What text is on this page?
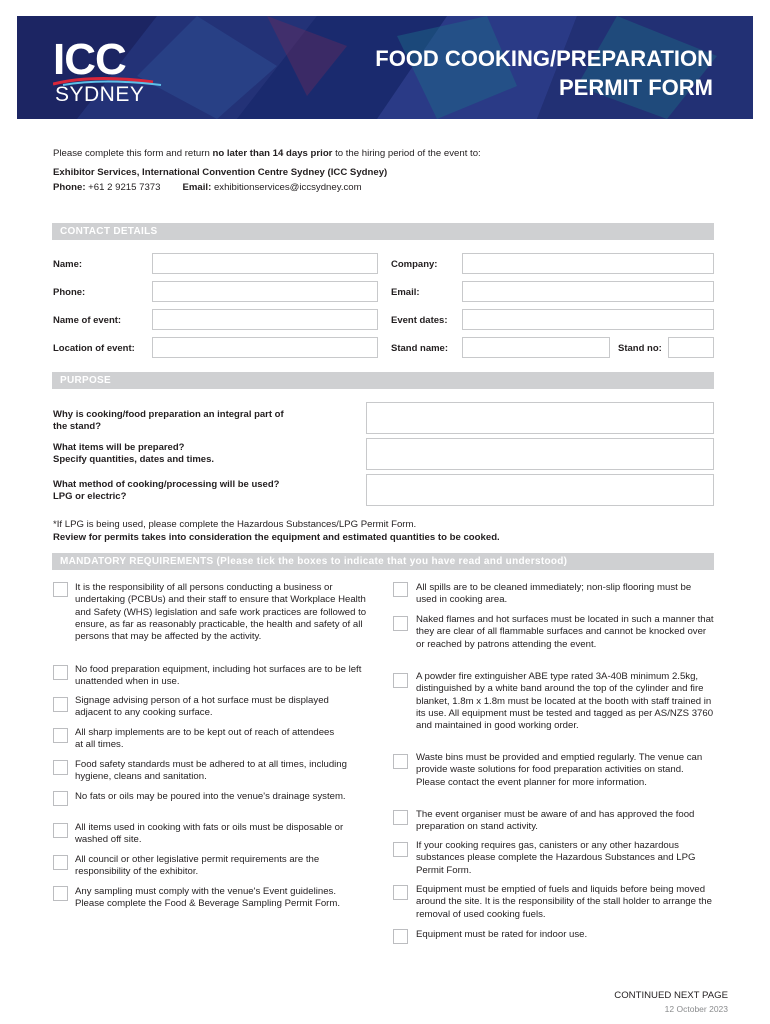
ICC
SYDNEY
FOOD COOKING/PREPARATION
PERMIT FORM
Please complete this form and return no later than 14 days prior to the hiring period of the event to:
Exhibitor Services, International Convention Centre Sydney (ICC Sydney)
Phone: +61 2 9215 7373 Email: exhibitionservices@iccsydney.com
CONTACT DETAILS
Name:	Company:
Phone:	Email:
Name of event:	Event dates:
Location of event:	Stand name:	Stand no:
PURPOSE
Why is cooking/food preparation an integral part of
the stand?
What items will be prepared?
Specify quantities, dates and times.
What method of cooking/processing will be used?
LPG or electric?
*If LPG is being used, please complete the Hazardous Substances/LPG Permit Form.
Review for permits takes into consideration the equipment and estimated quantities to be cooked.
MANDATORY REQUIREMENTS (Please tick the boxes to indicate that you have read and understood)
It is the responsibility of all persons conducting a business or undertaking (PCBUs) and their staff to ensure that Workplace Health and Safety (WHS) legislation and safe work practices are followed to ensure, as far as reasonably practicable, the health and safety of all persons that may be affected by the activity.
No food preparation equipment, including hot surfaces are to be left unattended when in use.
Signage advising person of a hot surface must be displayed adjacent to any cooking surface.
All sharp implements are to be kept out of reach of attendees at all times.
Food safety standards must be adhered to at all times, including hygiene, cleans and sanitation.
No fats or oils may be poured into the venue's drainage system.
All items used in cooking with fats or oils must be disposable or washed off site.
All council or other legislative permit requirements are the responsibility of the exhibitor.
Any sampling must comply with the venue's Event guidelines. Please complete the Food & Beverage Sampling Permit Form.
All spills are to be cleaned immediately; non-slip flooring must be used in cooking area.
Naked flames and hot surfaces must be located in such a manner that they are clear of all flammable surfaces and cannot be knocked over or reached by patrons attending the event.
A powder fire extinguisher ABE type rated 3A-40B minimum 2.5kg, distinguished by a white band around the top of the cylinder and fire blanket, 1.8m x 1.8m must be located at the booth with staff trained in its use. All equipment must be tested and tagged as per AS/NZS 3760 and maintained in good working order.
Waste bins must be provided and emptied regularly. The venue can provide waste solutions for food preparation activities on stand. Please contact the event planner for more information.
The event organiser must be aware of and has approved the food preparation on stand activity.
If your cooking requires gas, canisters or any other hazardous substances please complete the Hazardous Substances and LPG Permit Form.
Equipment must be emptied of fuels and liquids before being moved around the site. It is the responsibility of the stall holder to arrange the removal of used cooking fuels.
Equipment must be rated for indoor use.
CONTINUED NEXT PAGE
12 October 2023
